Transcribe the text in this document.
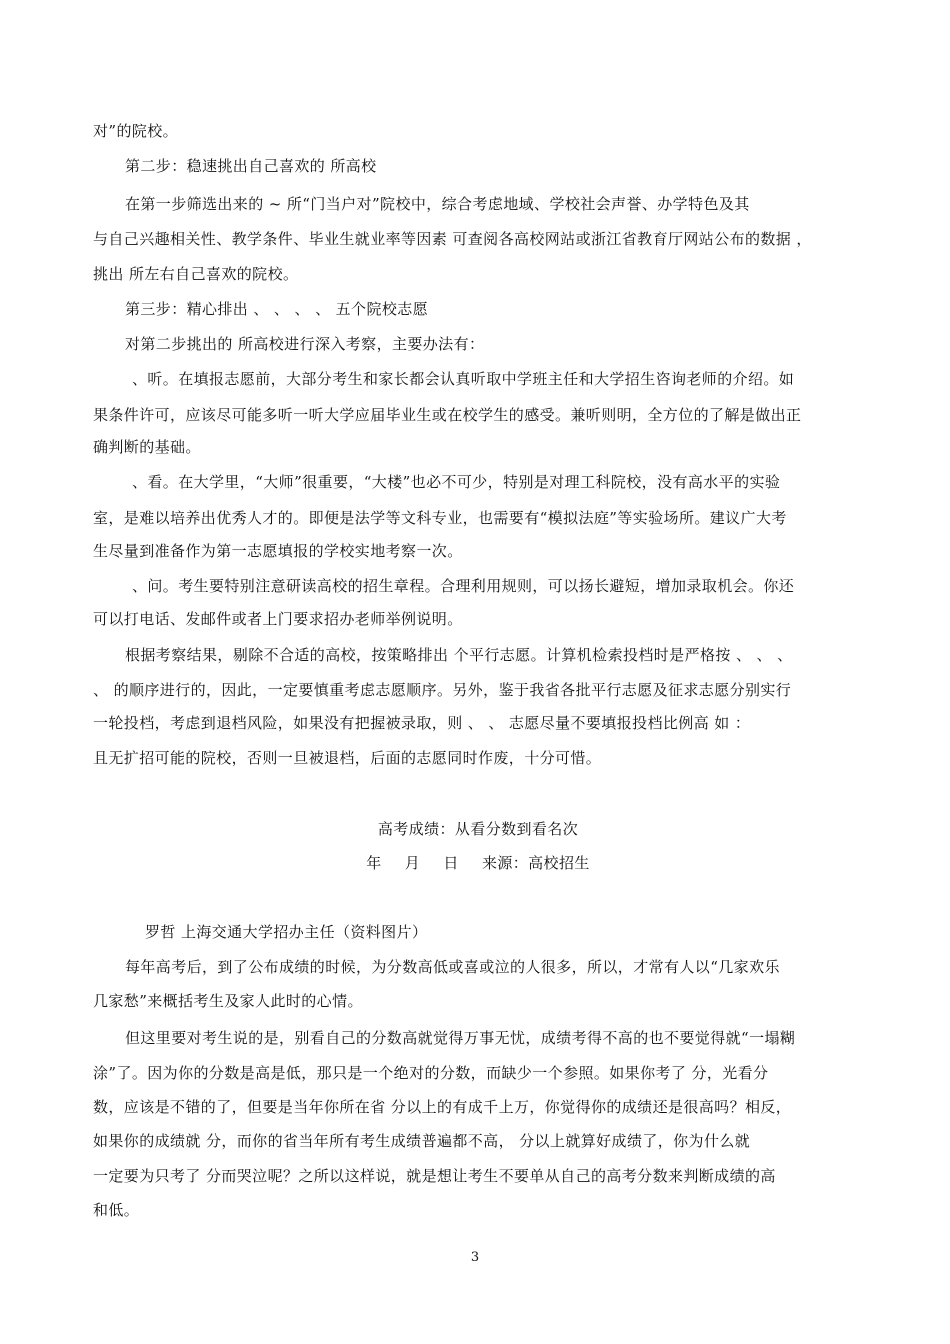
对”的院校。
第二步：稳速挑出自己喜欢的 所高校
在第一步筛选出来的 ~ 所“门当户对”院校中，综合考虑地域、学校社会声誉、办学特色及其
与自己兴趣相关性、教学条件、毕业生就业率等因素 可查阅各高校网站或浙江省教育厅网站公布的数据 ，
挑出 所左右自己喜欢的院校。
第三步：精心排出 、 、 、 、 五个院校志愿
对第二步挑出的 所高校进行深入考察，主要办法有：
、听。在填报志愿前，大部分考生和家长都会认真听取中学班主任和大学招生咨询老师的介绍。如
果条件许可，应该尽可能多听一听大学应届毕业生或在校学生的感受。兼听则明，全方位的了解是做出正
确判断的基础。
、看。在大学里，“大师”很重要，“大楼”也必不可少，特别是对理工科院校，没有高水平的实验
室，是难以培养出优秀人才的。即便是法学等文科专业，也需要有“模拟法庭”等实验场所。建议广大考
生尽量到准备作为第一志愿填报的学校实地考察一次。
、问。考生要特别注意研读高校的招生章程。合理利用规则，可以扬长避短，增加录取机会。你还
可以打电话、发邮件或者上门要求招办老师举例说明。
根据考察结果，剔除不合适的高校，按策略排出 个平行志愿。计算机检索投档时是严格按 、 、 、
、 的顺序进行的，因此，一定要慎重考虑志愿顺序。另外，鉴于我省各批平行志愿及征求志愿分别实行
一轮投档，考虑到退档风险，如果没有把握被录取，则 、 、 志愿尽量不要填报投档比例高 如 ：
且无扩招可能的院校，否则一旦被退档，后面的志愿同时作废，十分可惜。
高考成绩：从看分数到看名次
年 月 日 来源：高校招生
罗哲 上海交通大学招办主任（资料图片）
每年高考后，到了公布成绩的时候，为分数高低或喜或泣的人很多，所以，才常有人以“几家欢乐
几家愁”来概括考生及家人此时的心情。
但这里要对考生说的是，别看自己的分数高就觉得万事无忧，成绩考得不高的也不要觉得就“一塌糊
涂”了。因为你的分数是高是低，那只是一个绝对的分数，而缺少一个参照。如果你考了 分，光看分
数，应该是不错的了，但要是当年你所在省 分以上的有成千上万，你觉得你的成绩还是很高吗？相反，
如果你的成绩就 分，而你的省当年所有考生成绩普遍都不高， 分以上就算好成绩了，你为什么就
一定要为只考了 分而哭泣呢？之所以这样说，就是想让考生不要单从自己的高考分数来判断成绩的高
和低。
3
